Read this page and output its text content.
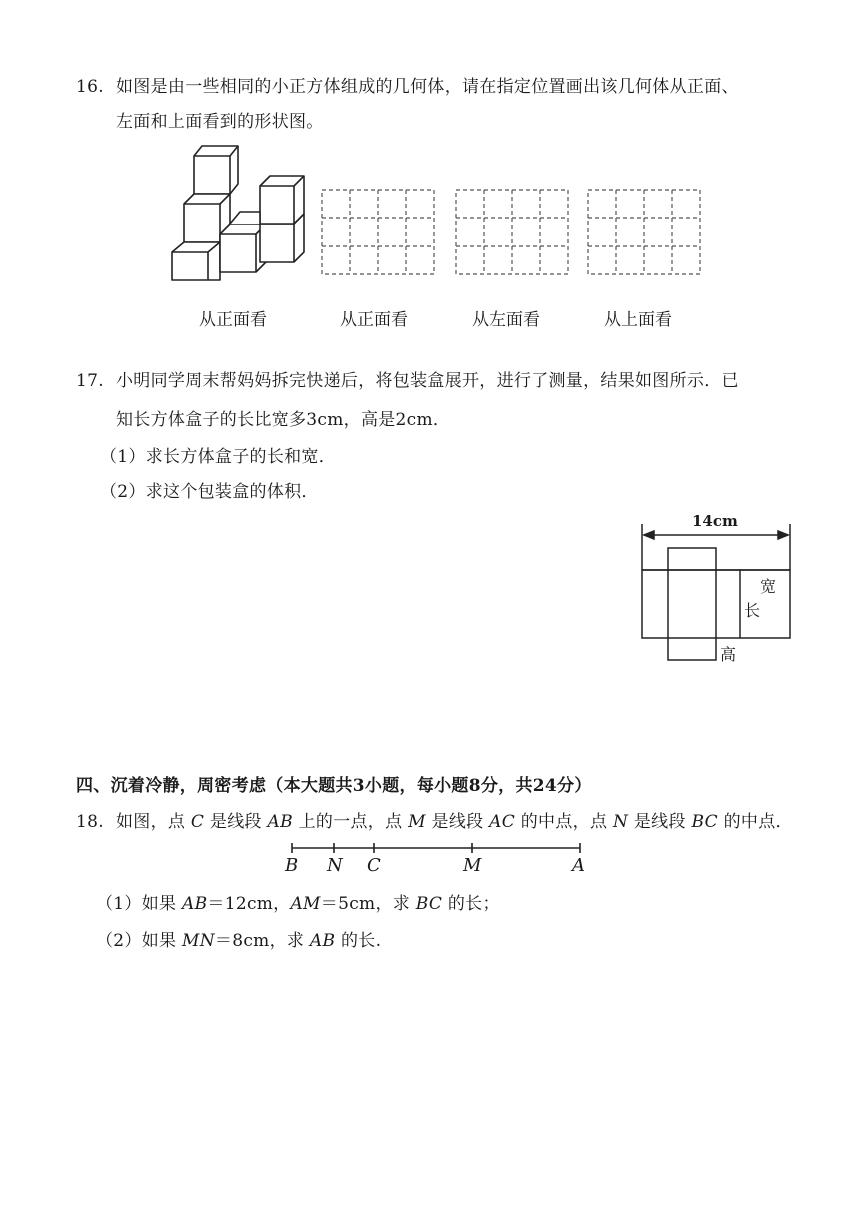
16. 如图是由一些相同的小正方体组成的几何体，请在指定位置画出该几何体从正面、
左面和上面看到的形状图。
从正面看	从正面看	从左面看	从上面看
17. 小明同学周末帮妈妈拆完快递后，将包装盒展开，进行了测量，结果如图所示．已
知长方体盒子的长比宽多3cm，高是2cm．
（1）求长方体盒子的长和宽．
（2）求这个包装盒的体积．
14cm
宽
长
高
四、沉着冷静，周密考虑（本大题共3小题，每小题8分，共24分）
18. 如图，点 C 是线段 AB 上的一点，点 M 是线段 AC 的中点，点 N 是线段 BC 的中点．
B N C	M	A
（1）如果 AB＝12cm，AM＝5cm，求 BC 的长；
（2）如果 MN＝8cm，求 AB 的长.
